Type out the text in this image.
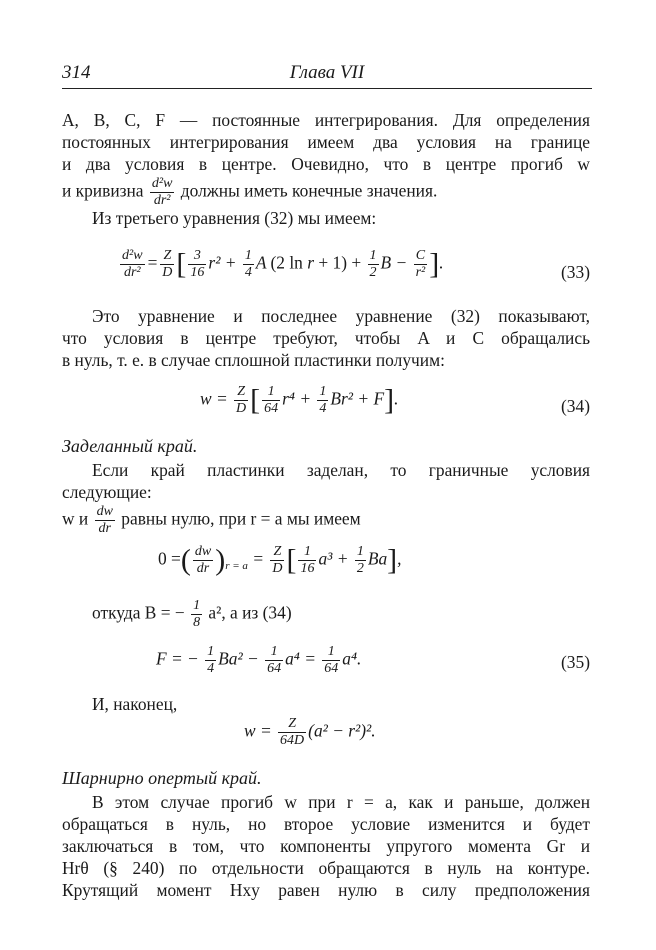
314	Глава VII
A, B, C, F — постоянные интегрирования. Для определения
постоянных интегрирования имеем два условия на границе
и два условия в центре. Очевидно, что в центре прогиб w
и кривизна $\frac{\text{d²w}}{\text{dr²}}$ должны иметь конечные значения.
Из третьего уравнения (32) мы имеем:
$\frac{\text{d²w}}{\text{dr²}} = \frac{Z}{D}$ [ $\frac{3}{16} r^2 + \frac{1}{4}$ A (2 $\ln r + 1) + \frac{1}{2}$ $B - \frac{C}{\text{r²}}$ ].	(33)
Это уравнение и последнее уравнение (32) показывают,
что условия в центре требуют, чтобы A и C обращались
в нуль, т. е. в случае сплошной пластинки получим:
$w = \frac{Z}{D}$ [ $\frac{1}{64} r^4 + \frac{1}{4} Br^2 + F$].	(34)
Заделанный край.
Если край пластинки заделан, то граничные условия
следующие:
w и $\frac{dw}{dr}$ равны нулю, при r = a мы имеем
0 =( $\frac{dw}{dr} )_{r = a} = \frac{Z}{D}$ [ $\frac{1}{16} a^3 + \frac{1}{2} Ba$],
откуда B = − $\frac{1}{8} a^2$, а из (34)
F = − $\frac{1}{4} Ba^2 - \frac{1}{64} a^4 = \frac{1}{64} a^4$.	(35)
И, наконец,
$w = \frac{Z}{64D} (a^2 - r^2)^2$.
Шарнирно опертый край.
В этом случае прогиб w при r = a, как и раньше, должен
обращаться в нуль, но второе условие изменится и будет
заключаться в том, что компоненты упругого момента Gr и
Hrθ (§ 240) по отдельности обращаются в нуль на контуре.
Крутящий момент Hxy равен нулю в силу предположения
